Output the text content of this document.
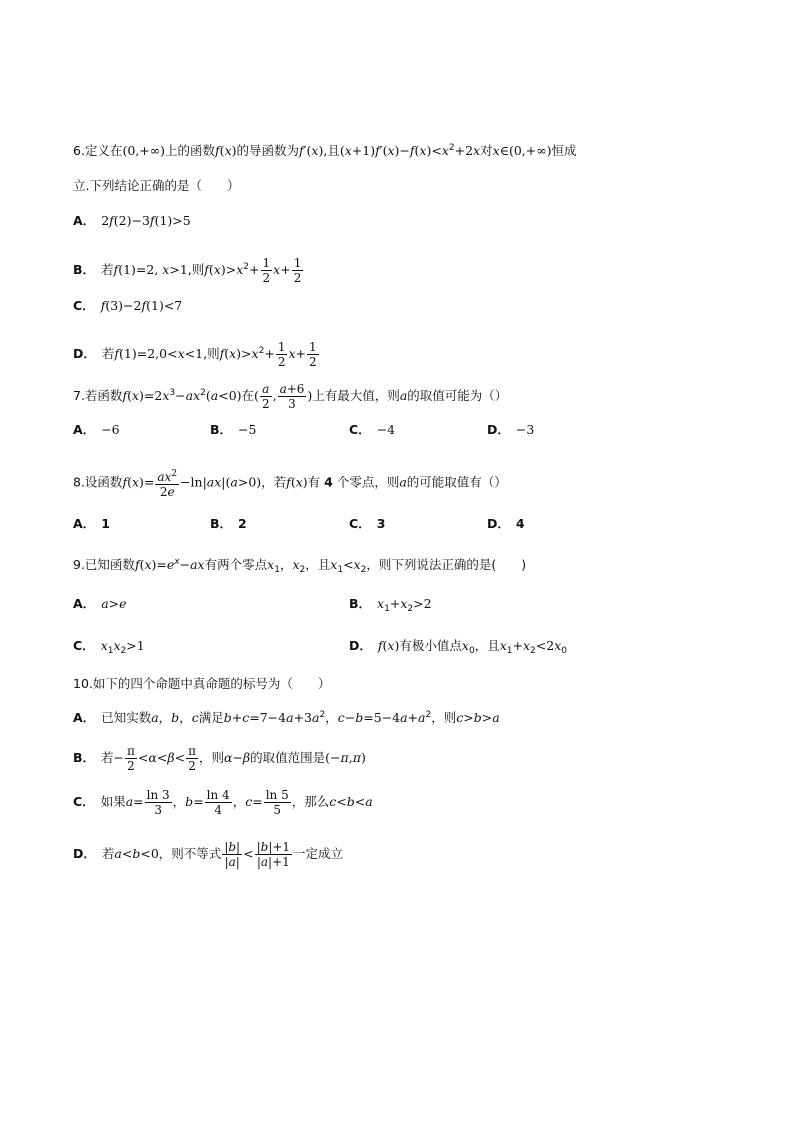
6.定义在(0,+∞)上的函数f(x)的导函数为f′(x),且$(x+1)f'(x)-f(x)<x^2+2x$对x∈(0,+∞)恒成
立.下列结论正确的是（　　）
A． 2f(2)−3f(1)>5
B． 若f(1)=2, x>1,则$f(x)>x^2+ \frac{1}{2} x+ \frac{1}{2}$
C． f(3)−2f(1)<7
D． 若f(1)=2,0<x<1,则$f(x)>x^2+ \frac{1}{2} x+ \frac{1}{2}$
7.若函数$f(x)=2x^3-ax^2(a<0)$在( $\frac{a}{2}$ , $\frac{a+6}{3}$ )上有最大值，则a的取值可能为（）
A． −6	B． −5	C． −4	D． −3
8.设函数$f(x)= \frac{ax^2}{2e} -\ln|ax|(a>0)$，若f(x)有 4 个零点，则a的可能取值有（）
A． 1	B． 2	C． 3	D． 4
9.已知函数$f(x)=e^x-ax$有两个零点$x_1$，$x_2$，且$x_1<x_2$，则下列说法正确的是(　　)
A． a>e	B． $x_1+x_2>2$
C． $x_1x_2>1$	D． f(x)有极小值点$x_0$，且$x_1+x_2<2x_0$
10.如下的四个命题中真命题的标号为（　　）
A． 已知实数a，b，c满足$b+c=7-4a+3a^2$，$c-b=5-4a+a^2$，则c>b>a
B． 若− $\frac{\pi}{2} <\alpha<\beta< \frac{\pi}{2}$ ，则α−β的取值范围是(−π,π)
C． 如果$a= \frac{\ln 3}{3}$ ，$b= \frac{\ln 4}{4}$ ，$c= \frac{\ln 5}{5}$ ，那么c<b<a
D． 若a<b<0，则不等式 $\frac{|b|}{|a|} < \frac{|b|+1}{|a|+1}$ 一定成立
